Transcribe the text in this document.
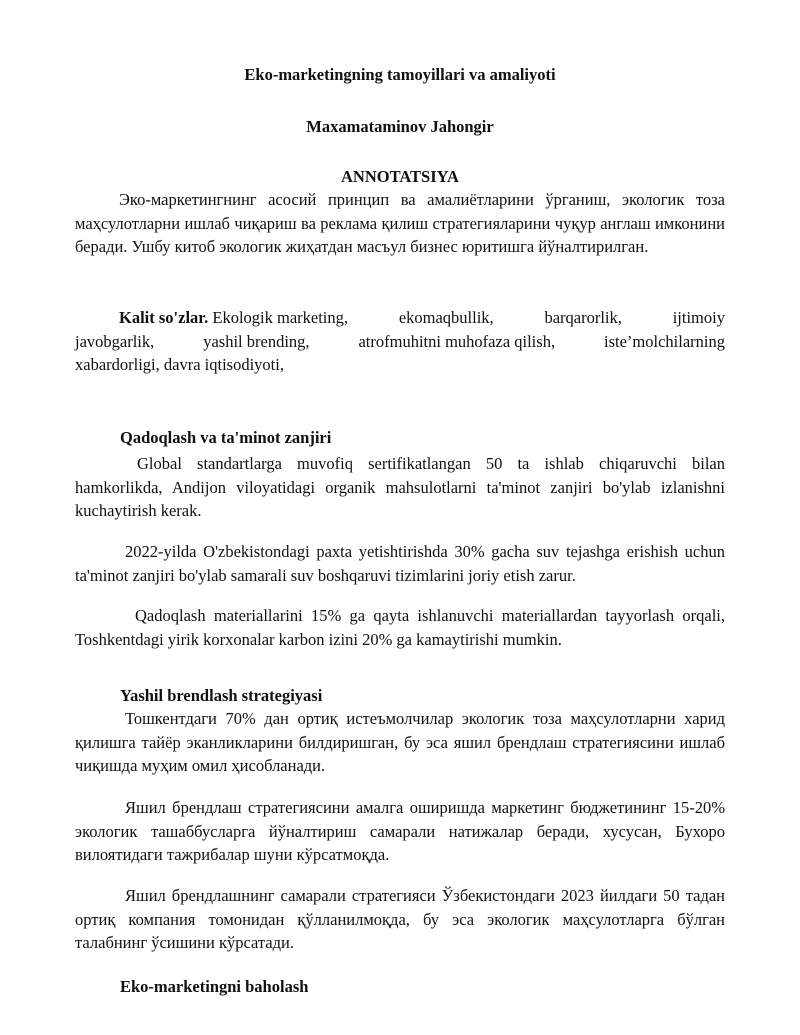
Eko-marketingning tamoyillari va amaliyoti
Maxamataminov Jahongir
ANNOTATSIYA
Эко-маркетингнинг асосий принцип ва амалиётларини ўрганиш, экологик тоза маҳсулотларни ишлаб чиқариш ва реклама қилиш стратегияларини чуқур англаш имконини беради. Ушбу китоб экологик жиҳатдан масъул бизнес юритишга йўналтирилган.
Kalit so'zlar. Ekologik marketing,	ekomaqbullik,	barqarorlik,	ijtimoiy
javobgarlik,	yashil brending,	atrofmuhitni muhofaza qilish,	iste’molchilarning
xabardorligi, davra iqtisodiyoti,
Qadoqlash va ta'minot zanjiri
Global standartlarga muvofiq sertifikatlangan 50 ta ishlab chiqaruvchi bilan hamkorlikda, Andijon viloyatidagi organik mahsulotlarni ta'minot zanjiri bo'ylab izlanishni kuchaytirish kerak.
2022-yilda O'zbekistondagi paxta yetishtirishda 30% gacha suv tejashga erishish uchun ta'minot zanjiri bo'ylab samarali suv boshqaruvi tizimlarini joriy etish zarur.
Qadoqlash materiallarini 15% ga qayta ishlanuvchi materiallardan tayyorlash orqali, Toshkentdagi yirik korxonalar karbon izini 20% ga kamaytirishi mumkin.
Yashil brendlash strategiyasi
Тошкентдаги 70% дан ортиқ истеъмолчилар экологик тоза маҳсулотларни харид қилишга тайёр эканликларини билдиришган, бу эса яшил брендлаш стратегиясини ишлаб чиқишда муҳим омил ҳисобланади.
Яшил брендлаш стратегиясини амалга оширишда маркетинг бюджетининг 15-20% экологик ташаббусларга йўналтириш самарали натижалар беради, хусусан, Бухоро вилоятидаги тажрибалар шуни кўрсатмоқда.
Яшил брендлашнинг самарали стратегияси Ўзбекистондаги 2023 йилдаги 50 тадан ортиқ компания томонидан қўлланилмоқда, бу эса экологик маҳсулотларга бўлган талабнинг ўсишини кўрсатади.
Eko-marketingni baholash
